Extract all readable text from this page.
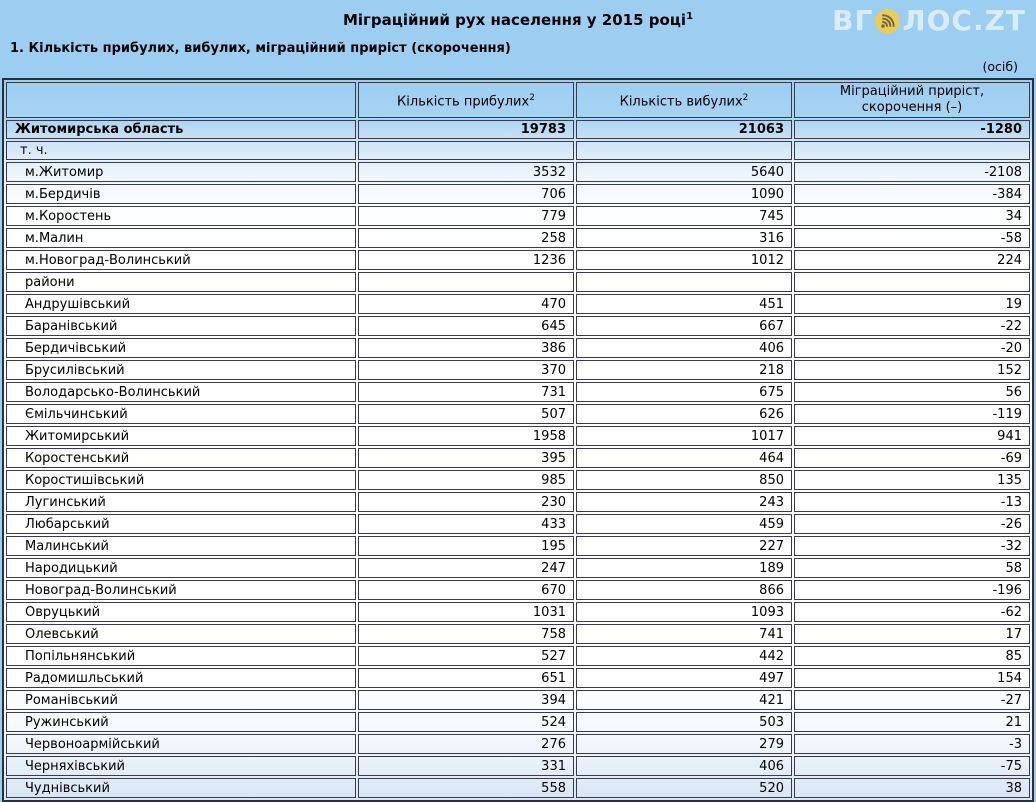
Міграційний рух населення у 2015 році$^1$	ВГ ЛОС.ZT
1. Кількість прибулих, вибулих, міграційний приріст (скорочення)
(осіб)
	Кількість прибулих$^2$	Кількість вибулих$^2$	Міграційний приріст,
скорочення (–)

Житомирська область	19783	21063	-1280
т. ч.			
м.Житомир	3532	5640	-2108
м.Бердичів	706	1090	-384
м.Коростень	779	745	34
м.Малин	258	316	-58
м.Новоград-Волинський	1236	1012	224
райони			
Андрушівський	470	451	19
Баранівський	645	667	-22
Бердичівський	386	406	-20
Брусилівський	370	218	152
Володарсько-Волинський	731	675	56
Ємільчинський	507	626	-119
Житомирський	1958	1017	941
Коростенський	395	464	-69
Коростишівський	985	850	135
Лугинський	230	243	-13
Любарський	433	459	-26
Малинський	195	227	-32
Народицький	247	189	58
Новоград-Волинський	670	866	-196
Овруцький	1031	1093	-62
Олевський	758	741	17
Попільнянський	527	442	85
Радомишльський	651	497	154
Романівський	394	421	-27
Ружинський	524	503	21
Червоноармійський	276	279	-3
Черняхівський	331	406	-75
Чуднівський	558	520	38
